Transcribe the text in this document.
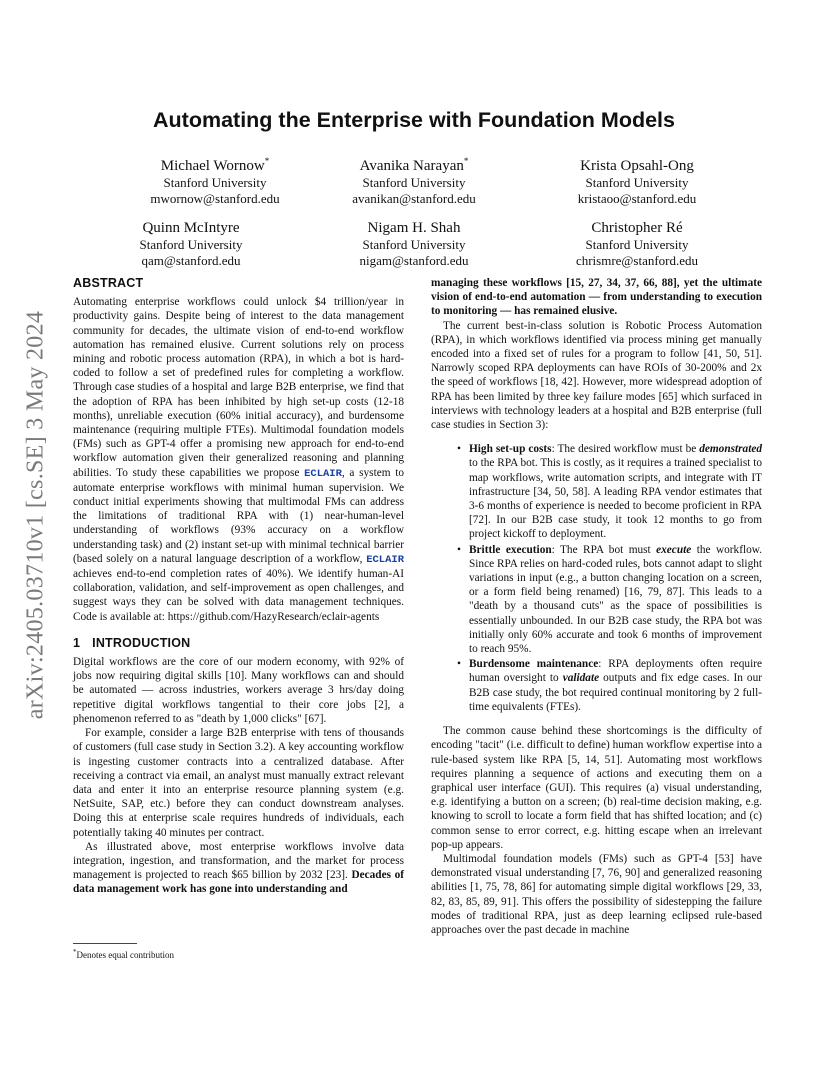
arXiv:2405.03710v1 [cs.SE] 3 May 2024
Automating the Enterprise with Foundation Models
Michael Wornow*
Stanford University
mwornow@stanford.edu
Avanika Narayan*
Stanford University
avanikan@stanford.edu
Krista Opsahl-Ong
Stanford University
kristaoo@stanford.edu
Quinn McIntyre
Stanford University
qam@stanford.edu
Nigam H. Shah
Stanford University
nigam@stanford.edu
Christopher Ré
Stanford University
chrismre@stanford.edu
ABSTRACT

Automating enterprise workflows could unlock $4 trillion/year in productivity gains. Despite being of interest to the data management community for decades, the ultimate vision of end-to-end workflow automation has remained elusive. Current solutions rely on process mining and robotic process automation (RPA), in which a bot is hard-coded to follow a set of predefined rules for completing a workflow. Through case studies of a hospital and large B2B enterprise, we find that the adoption of RPA has been inhibited by high set-up costs (12-18 months), unreliable execution (60% initial accuracy), and burdensome maintenance (requiring multiple FTEs). Multimodal foundation models (FMs) such as GPT-4 offer a promising new approach for end-to-end workflow automation given their generalized reasoning and planning abilities. To study these capabilities we propose ECLAIR, a system to automate enterprise workflows with minimal human supervision. We conduct initial experiments showing that multimodal FMs can address the limitations of traditional RPA with (1) near-human-level understanding of workflows (93% accuracy on a workflow understanding task) and (2) instant set-up with minimal technical barrier (based solely on a natural language description of a workflow, ECLAIR achieves end-to-end completion rates of 40%). We identify human-AI collaboration, validation, and self-improvement as open challenges, and suggest ways they can be solved with data management techniques. Code is available at: https://github.com/HazyResearch/eclair-agents

1 INTRODUCTION

Digital workflows are the core of our modern economy, with 92% of jobs now requiring digital skills [10]. Many workflows can and should be automated — across industries, workers average 3 hrs/day doing repetitive digital workflows tangential to their core jobs [2], a phenomenon referred to as "death by 1,000 clicks" [67].

For example, consider a large B2B enterprise with tens of thousands of customers (full case study in Section 3.2). A key accounting workflow is ingesting customer contracts into a centralized database. After receiving a contract via email, an analyst must manually extract relevant data and enter it into an enterprise resource planning system (e.g. NetSuite, SAP, etc.) before they can conduct downstream analyses. Doing this at enterprise scale requires hundreds of individuals, each potentially taking 40 minutes per contract.

As illustrated above, most enterprise workflows involve data integration, ingestion, and transformation, and the market for process management is projected to reach $65 billion by 2032 [23]. Decades of data management work has gone into understanding and

managing these workflows [15, 27, 34, 37, 66, 88], yet the ultimate vision of end-to-end automation — from understanding to execution to monitoring — has remained elusive.

The current best-in-class solution is Robotic Process Automation (RPA), in which workflows identified via process mining get manually encoded into a fixed set of rules for a program to follow [41, 50, 51]. Narrowly scoped RPA deployments can have ROIs of 30-200% and 2x the speed of workflows [18, 42]. However, more widespread adoption of RPA has been limited by three key failure modes [65] which surfaced in interviews with technology leaders at a hospital and B2B enterprise (full case studies in Section 3):

• High set-up costs: The desired workflow must be demonstrated to the RPA bot. This is costly, as it requires a trained specialist to map workflows, write automation scripts, and integrate with IT infrastructure [34, 50, 58]. A leading RPA vendor estimates that 3-6 months of experience is needed to become proficient in RPA [72]. In our B2B case study, it took 12 months to go from project kickoff to deployment.
• Brittle execution: The RPA bot must execute the workflow. Since RPA relies on hard-coded rules, bots cannot adapt to slight variations in input (e.g., a button changing location on a screen, or a form field being renamed) [16, 79, 87]. This leads to a "death by a thousand cuts" as the space of possibilities is essentially unbounded. In our B2B case study, the RPA bot was initially only 60% accurate and took 6 months of improvement to reach 95%.
• Burdensome maintenance: RPA deployments often require human oversight to validate outputs and fix edge cases. In our B2B case study, the bot required continual monitoring by 2 full-time equivalents (FTEs).

The common cause behind these shortcomings is the difficulty of encoding "tacit" (i.e. difficult to define) human workflow expertise into a rule-based system like RPA [5, 14, 51]. Automating most workflows requires planning a sequence of actions and executing them on a graphical user interface (GUI). This requires (a) visual understanding, e.g. identifying a button on a screen; (b) real-time decision making, e.g. knowing to scroll to locate a form field that has shifted location; and (c) common sense to error correct, e.g. hitting escape when an irrelevant pop-up appears.

Multimodal foundation models (FMs) such as GPT-4 [53] have demonstrated visual understanding [7, 76, 90] and generalized reasoning abilities [1, 75, 78, 86] for automating simple digital workflows [29, 33, 82, 83, 85, 89, 91]. This offers the possibility of sidestepping the failure modes of traditional RPA, just as deep learning eclipsed rule-based approaches over the past decade in machine

*Denotes equal contribution
